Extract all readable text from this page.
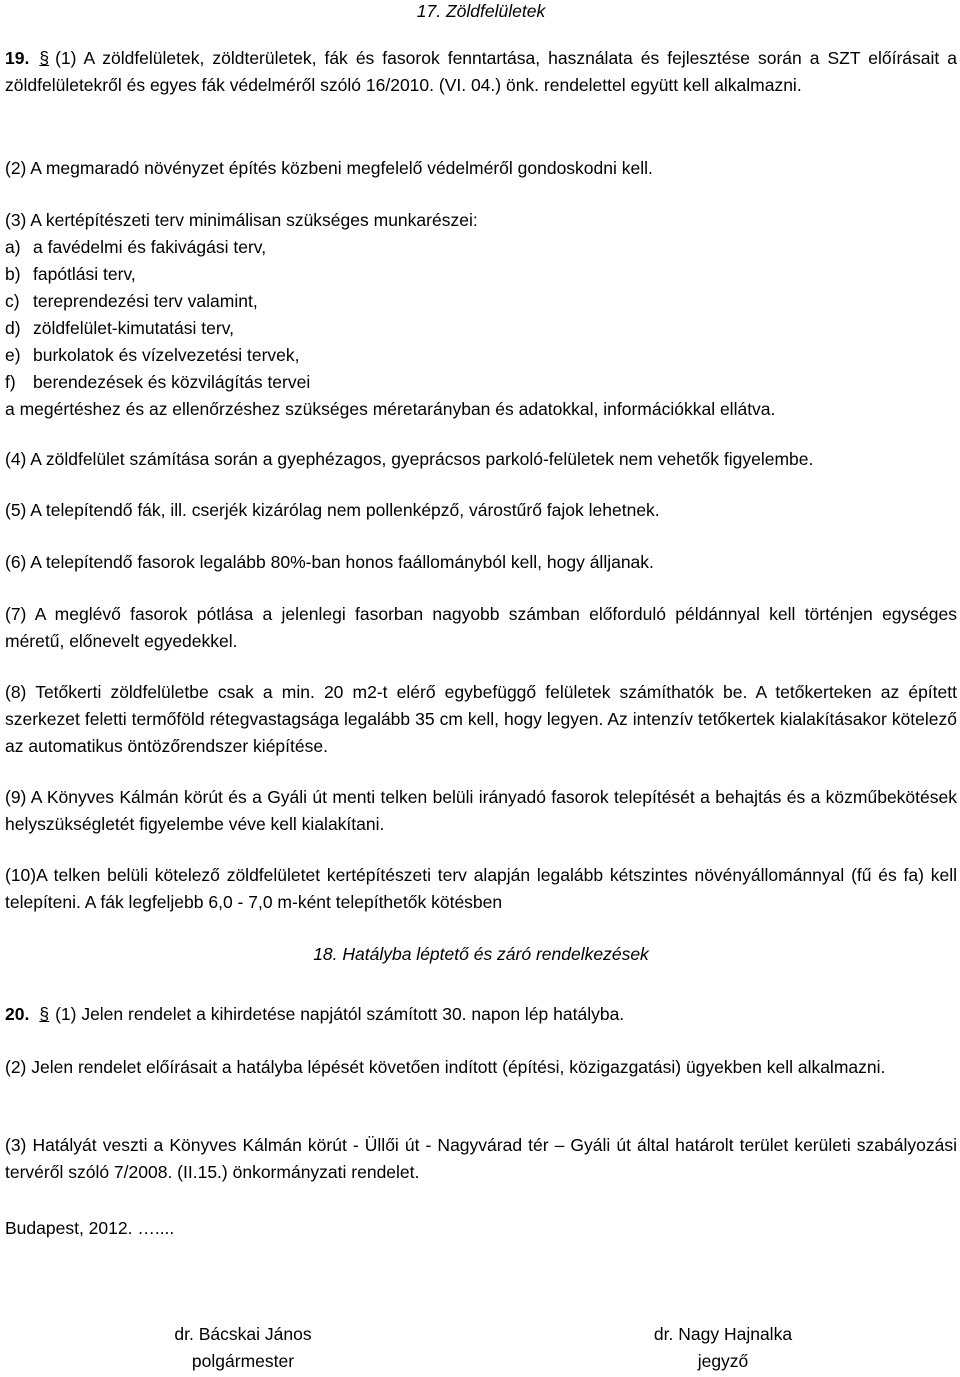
17. Zöldfelületek

19. § (1) A zöldfelületek, zöldterületek, fák és fasorok fenntartása, használata és fejlesztése során a SZT előírásait a zöldfelületekről és egyes fák védelméről szóló 16/2010. (VI. 04.) önk. rendelettel együtt kell alkalmazni.

(2) A megmaradó növényzet építés közbeni megfelelő védelméről gondoskodni kell.

(3) A kertépítészeti terv minimálisan szükséges munkarészei:

a) a favédelmi és fakivágási terv,

b) fapótlási terv,

c) tereprendezési terv valamint,

d) zöldfelület-kimutatási terv,

e) burkolatok és vízelvezetési tervek,

f) berendezések és közvilágítás tervei

a megértéshez és az ellenőrzéshez szükséges méretarányban és adatokkal, információkkal ellátva.

(4) A zöldfelület számítása során a gyephézagos, gyeprácsos parkoló-felületek nem vehetők figyelembe.

(5) A telepítendő fák, ill. cserjék kizárólag nem pollenképző, várostűrő fajok lehetnek.

(6) A telepítendő fasorok legalább 80%-ban honos faállományból kell, hogy álljanak.

(7) A meglévő fasorok pótlása a jelenlegi fasorban nagyobb számban előforduló példánnyal kell történjen egységes méretű, előnevelt egyedekkel.

(8) Tetőkerti zöldfelületbe csak a min. 20 m2-t elérő egybefüggő felületek számíthatók be. A tetőkerteken az épített szerkezet feletti termőföld rétegvastagsága legalább 35 cm kell, hogy legyen. Az intenzív tetőkertek kialakításakor kötelező az automatikus öntözőrendszer kiépítése.

(9) A Könyves Kálmán körút és a Gyáli út menti telken belüli irányadó fasorok telepítését a behajtás és a közműbekötések helyszükségletét figyelembe véve kell kialakítani.

(10)A telken belüli kötelező zöldfelületet kertépítészeti terv alapján legalább kétszintes növényállománnyal (fű és fa) kell telepíteni. A fák legfeljebb 6,0 - 7,0 m-ként telepíthetők kötésben

18. Hatályba léptető és záró rendelkezések

20. § (1) Jelen rendelet a kihirdetése napjától számított 30. napon lép hatályba.

(2) Jelen rendelet előírásait a hatályba lépését követően indított (építési, közigazgatási) ügyekben kell alkalmazni.

(3) Hatályát veszti a Könyves Kálmán körút - Üllői út - Nagyvárad tér – Gyáli út által határolt terület kerületi szabályozási tervéről szóló 7/2008. (II.15.) önkormányzati rendelet.

Budapest, 2012. …....

dr. Bácskai János
polgármester
dr. Nagy Hajnalka
jegyző
